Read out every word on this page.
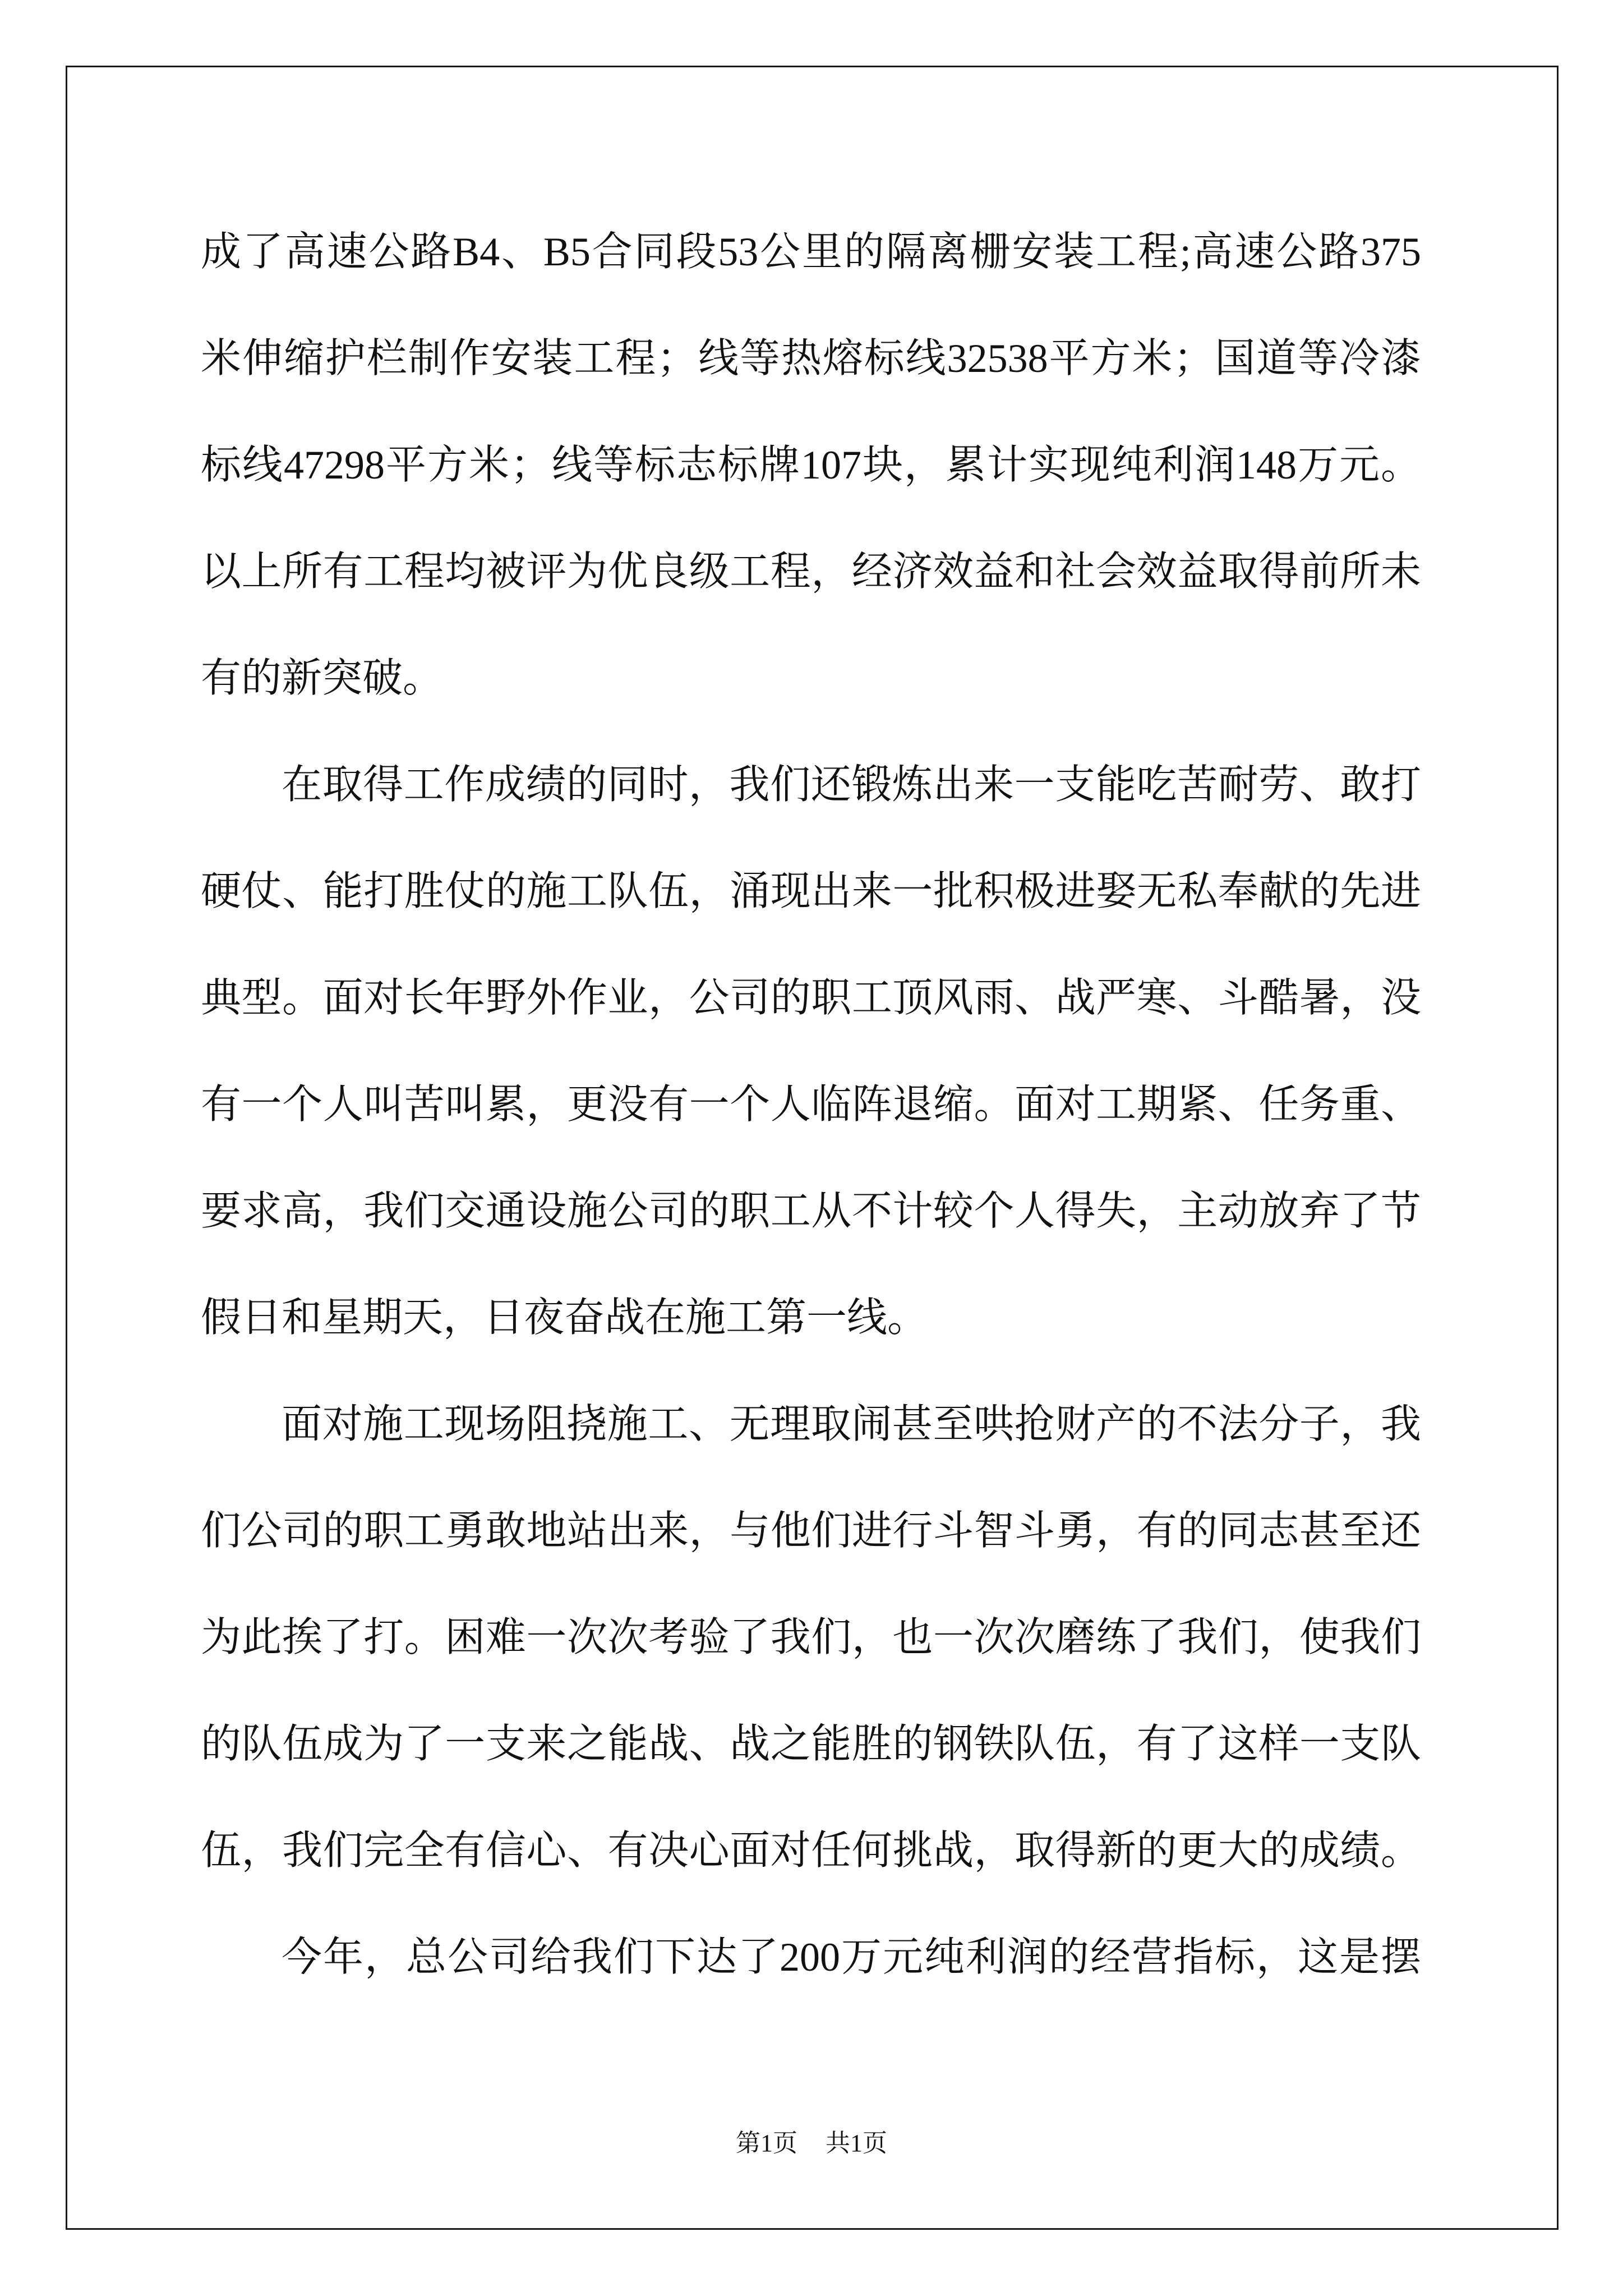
成了高速公路B4、B5合同段53公里的隔离栅安装工程;高速公路375
米伸缩护栏制作安装工程；线等热熔标线32538平方米；国道等冷漆
标线47298平方米；线等标志标牌107块，累计实现纯利润148万元。
以上所有工程均被评为优良级工程，经济效益和社会效益取得前所未
有的新突破。
在取得工作成绩的同时，我们还锻炼出来一支能吃苦耐劳、敢打
硬仗、能打胜仗的施工队伍，涌现出来一批积极进娶无私奉献的先进
典型。面对长年野外作业，公司的职工顶风雨、战严寒、斗酷暑，没
有一个人叫苦叫累，更没有一个人临阵退缩。面对工期紧、任务重、
要求高，我们交通设施公司的职工从不计较个人得失，主动放弃了节
假日和星期天，日夜奋战在施工第一线。
面对施工现场阻挠施工、无理取闹甚至哄抢财产的不法分子，我
们公司的职工勇敢地站出来，与他们进行斗智斗勇，有的同志甚至还
为此挨了打。困难一次次考验了我们，也一次次磨练了我们，使我们
的队伍成为了一支来之能战、战之能胜的钢铁队伍，有了这样一支队
伍，我们完全有信心、有决心面对任何挑战，取得新的更大的成绩。
今年，总公司给我们下达了200万元纯利润的经营指标，这是摆
第1页 共1页
